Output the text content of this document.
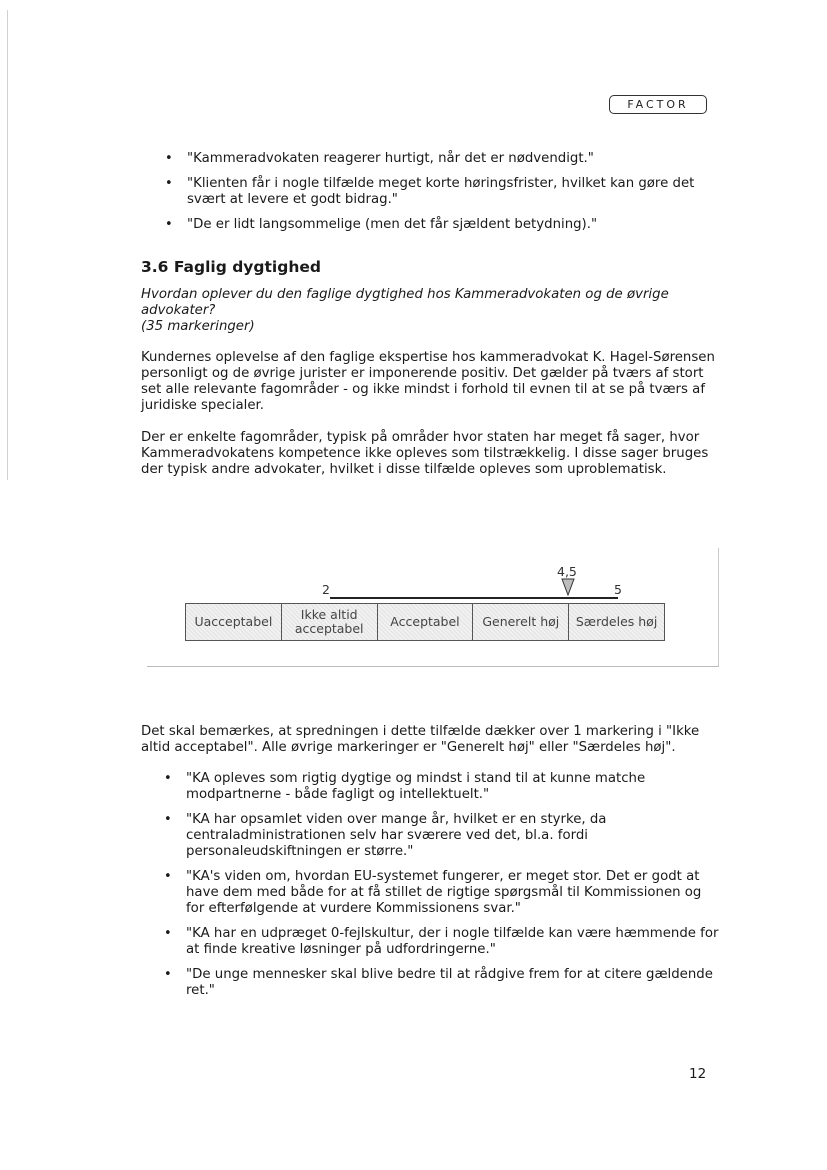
FACTOR
• "Kammeradvokaten reagerer hurtigt, når det er nødvendigt."
• "Klienten får i nogle tilfælde meget korte høringsfrister, hvilket kan gøre det svært at levere et godt bidrag."
• "De er lidt langsommelige (men det får sjældent betydning)."
3.6 Faglig dygtighed
Hvordan oplever du den faglige dygtighed hos Kammeradvokaten og de øvrige advokater?
(35 markeringer)

Kundernes oplevelse af den faglige ekspertise hos kammeradvokat K. Hagel-Sørensen personligt og de øvrige jurister er imponerende positiv. Det gælder på tværs af stort set alle relevante fagområder - og ikke mindst i forhold til evnen til at se på tværs af juridiske specialer.

Der er enkelte fagområder, typisk på områder hvor staten har meget få sager, hvor Kammeradvokatens kompetence ikke opleves som tilstrækkelig. I disse sager bruges der typisk andre advokater, hvilket i disse tilfælde opleves som uproblematisk.

4,5
2	5
Uacceptabel	Ikke altid acceptabel	Acceptabel	Generelt høj	Særdeles høj

Det skal bemærkes, at spredningen i dette tilfælde dækker over 1 markering i "Ikke altid acceptabel". Alle øvrige markeringer er "Generelt høj" eller "Særdeles høj".

• "KA opleves som rigtig dygtige og mindst i stand til at kunne matche modpartnerne - både fagligt og intellektuelt."
• "KA har opsamlet viden over mange år, hvilket er en styrke, da centraladministrationen selv har sværere ved det, bl.a. fordi personaleudskiftningen er større."
• "KA's viden om, hvordan EU-systemet fungerer, er meget stor. Det er godt at have dem med både for at få stillet de rigtige spørgsmål til Kommissionen og for efterfølgende at vurdere Kommissionens svar."
• "KA har en udpræget 0-fejlskultur, der i nogle tilfælde kan være hæmmende for at finde kreative løsninger på udfordringerne."
• "De unge mennesker skal blive bedre til at rådgive frem for at citere gældende ret."
12
